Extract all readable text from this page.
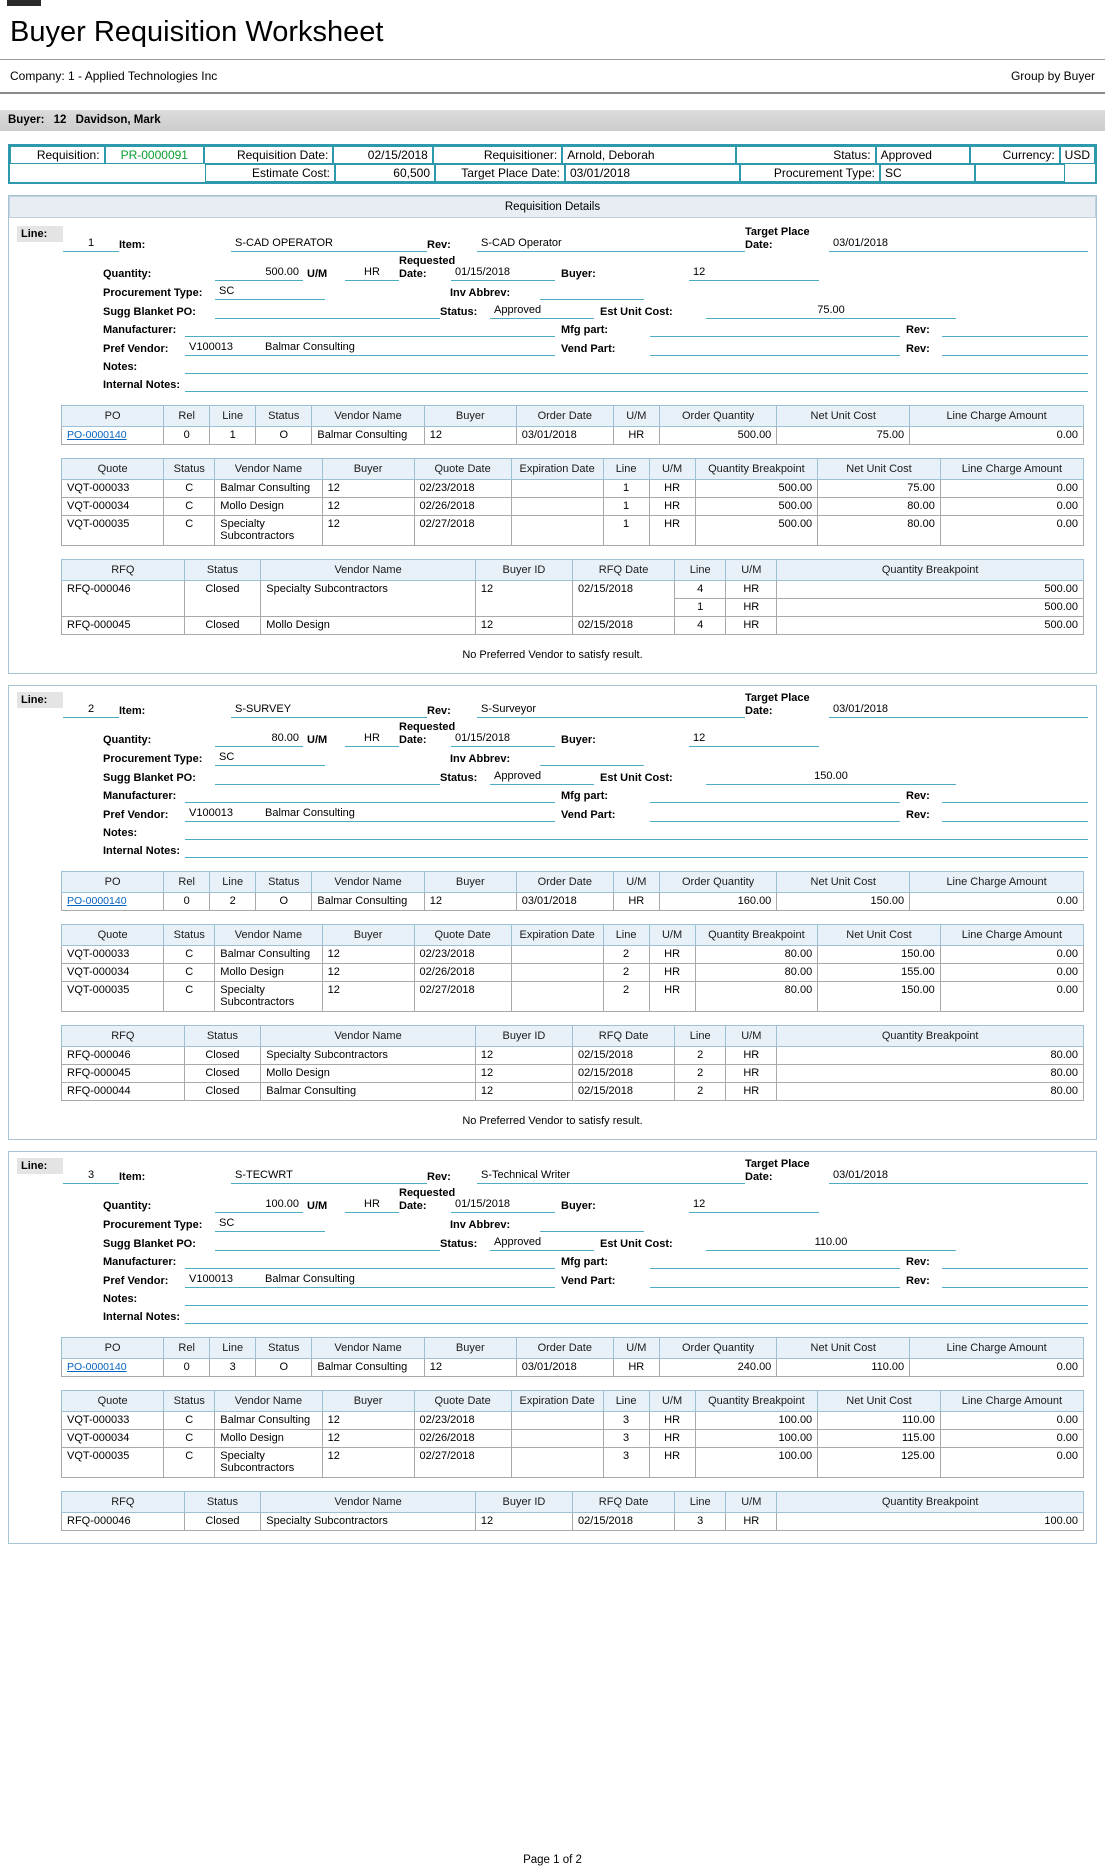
Buyer Requisition Worksheet
Company: 1 - Applied Technologies Inc	Group by Buyer
Buyer: 12 Davidson, Mark
Requisition:	PR-0000091	Requisition Date:	02/15/2018	Requisitioner: Arnold, Deborah	Status: Approved	Currency: USD
Estimate Cost:	60,500	Target Place Date: 03/01/2018	Procurement Type: SC
Requisition Details
Line:
1	Item:	S-CAD OPERATOR	Rev:	S-CAD Operator
Target Place Date:	03/01/2018
Quantity:	500.00 U/M	HR
Requested Date:	01/15/2018	Buyer:	12
Procurement Type:	SC	Inv Abbrev:
Sugg Blanket PO:	Status:	Approved	Est Unit Cost:	75.00
Manufacturer:	Mfg part:	Rev:
Pref Vendor:	V100013	Balmar Consulting	Vend Part:	Rev:
Notes:
Internal Notes:
PO	Rel	Line	Status	Vendor Name	Buyer	Order Date	U/M	Order Quantity	Net Unit Cost	Line Charge Amount
PO-0000140	0	1	O	Balmar Consulting	12	03/01/2018	HR	500.00	75.00	0.00
Quote	Status	Vendor Name	Buyer	Quote Date	Expiration Date	Line	U/M	Quantity Breakpoint	Net Unit Cost	Line Charge Amount
VQT-000033	C	Balmar Consulting	12	02/23/2018		1	HR	500.00	75.00	0.00
VQT-000034	C	Mollo Design	12	02/26/2018		1	HR	500.00	80.00	0.00
VQT-000035	C	Specialty Subcontractors	12	02/27/2018		1	HR	500.00	80.00	0.00
RFQ	Status	Vendor Name	Buyer ID	RFQ Date	Line	U/M	Quantity Breakpoint
RFQ-000046	Closed	Specialty Subcontractors	12	02/15/2018	4	HR	500.00
					1	HR	500.00
RFQ-000045	Closed	Mollo Design	12	02/15/2018	4	HR	500.00
No Preferred Vendor to satisfy result.
Line:
2	Item:	S-SURVEY	Rev:	S-Surveyor
Target Place Date:	03/01/2018
Quantity:	80.00 U/M	HR
Requested Date:	01/15/2018	Buyer:	12
Procurement Type:	SC	Inv Abbrev:
Sugg Blanket PO:	Status:	Approved	Est Unit Cost:	150.00
Manufacturer:	Mfg part:	Rev:
Pref Vendor:	V100013	Balmar Consulting	Vend Part:	Rev:
Notes:
Internal Notes:
PO	Rel	Line	Status	Vendor Name	Buyer	Order Date	U/M	Order Quantity	Net Unit Cost	Line Charge Amount
PO-0000140	0	2	O	Balmar Consulting	12	03/01/2018	HR	160.00	150.00	0.00
Quote	Status	Vendor Name	Buyer	Quote Date	Expiration Date	Line	U/M	Quantity Breakpoint	Net Unit Cost	Line Charge Amount
VQT-000033	C	Balmar Consulting	12	02/23/2018		2	HR	80.00	150.00	0.00
VQT-000034	C	Mollo Design	12	02/26/2018		2	HR	80.00	155.00	0.00
VQT-000035	C	Specialty Subcontractors	12	02/27/2018		2	HR	80.00	150.00	0.00
RFQ	Status	Vendor Name	Buyer ID	RFQ Date	Line	U/M	Quantity Breakpoint
RFQ-000046	Closed	Specialty Subcontractors	12	02/15/2018	2	HR	80.00
RFQ-000045	Closed	Mollo Design	12	02/15/2018	2	HR	80.00
RFQ-000044	Closed	Balmar Consulting	12	02/15/2018	2	HR	80.00
No Preferred Vendor to satisfy result.
Line:
3	Item:	S-TECWRT	Rev:	S-Technical Writer
Target Place Date:	03/01/2018
Quantity:	100.00 U/M	HR
Requested Date:	01/15/2018	Buyer:	12
Procurement Type:	SC	Inv Abbrev:
Sugg Blanket PO:	Status:	Approved	Est Unit Cost:	110.00
Manufacturer:	Mfg part:	Rev:
Pref Vendor:	V100013	Balmar Consulting	Vend Part:	Rev:
Notes:
Internal Notes:
PO	Rel	Line	Status	Vendor Name	Buyer	Order Date	U/M	Order Quantity	Net Unit Cost	Line Charge Amount
PO-0000140	0	3	O	Balmar Consulting	12	03/01/2018	HR	240.00	110.00	0.00
Quote	Status	Vendor Name	Buyer	Quote Date	Expiration Date	Line	U/M	Quantity Breakpoint	Net Unit Cost	Line Charge Amount
VQT-000033	C	Balmar Consulting	12	02/23/2018		3	HR	100.00	110.00	0.00
VQT-000034	C	Mollo Design	12	02/26/2018		3	HR	100.00	115.00	0.00
VQT-000035	C	Specialty Subcontractors	12	02/27/2018		3	HR	100.00	125.00	0.00
RFQ	Status	Vendor Name	Buyer ID	RFQ Date	Line	U/M	Quantity Breakpoint
RFQ-000046	Closed	Specialty Subcontractors	12	02/15/2018	3	HR	100.00
Page 1 of 2
